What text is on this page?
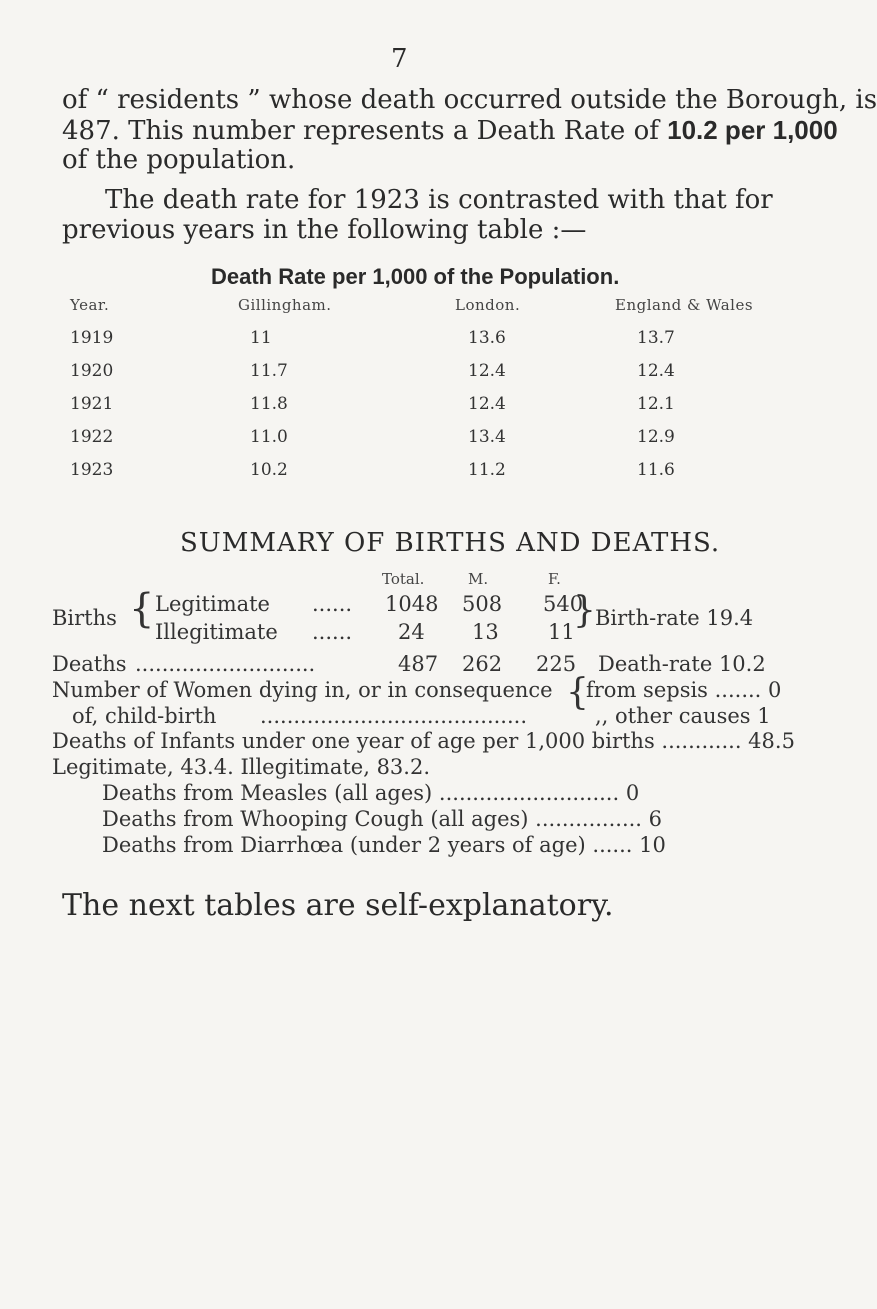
7
of “ residents ” whose death occurred outside the Borough, is
487. This number represents a Death Rate of 10.2 per 1,000
of the population.
The death rate for 1923 is contrasted with that for
previous years in the following table :—
Death Rate per 1,000 of the Population.
Year.	Gillingham.	London.	England & Wales
1919	11	13.6	13.7
1920	11.7	12.4	12.4
1921	11.8	12.4	12.1
1922	11.0	13.4	12.9
1923	10.2	11.2	11.6
SUMMARY OF BIRTHS AND DEATHS.
Total.	M.	F.
Births { Legitimate ...... 1048 508 540
Illegitimate ...... 24 13 11
} Birth-rate 19.4
Deaths ...........................	487 262 225 Death-rate 10.2
Number of Women dying in, or in consequence
of, child-birth ........................................
{
from sepsis ....... 0
,, other causes 1
Deaths of Infants under one year of age per 1,000 births ............ 48.5
Legitimate, 43.4. Illegitimate, 83.2.
Deaths from Measles (all ages) ........................... 0
Deaths from Whooping Cough (all ages) ................ 6
Deaths from Diarrhœa (under 2 years of age) ...... 10
The next tables are self-explanatory.
